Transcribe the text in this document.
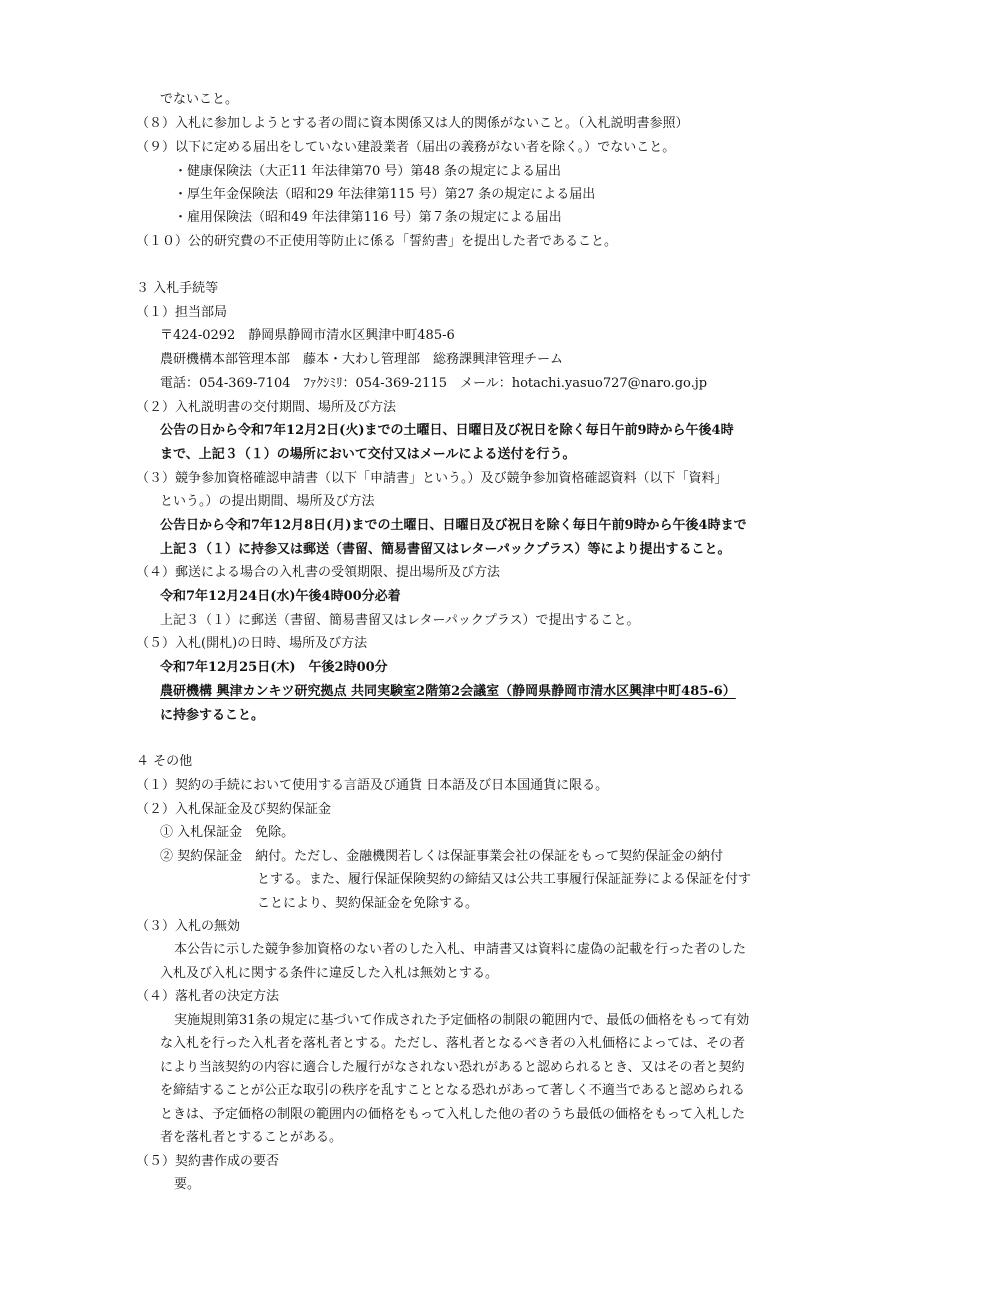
でないこと。
（８）入札に参加しようとする者の間に資本関係又は人的関係がないこと。（入札説明書参照）
（９）以下に定める届出をしていない建設業者（届出の義務がない者を除く。）でないこと。
・健康保険法（大正11 年法律第70 号）第48 条の規定による届出
・厚生年金保険法（昭和29 年法律第115 号）第27 条の規定による届出
・雇用保険法（昭和49 年法律第116 号）第７条の規定による届出
（１０）公的研究費の不正使用等防止に係る「誓約書」を提出した者であること。
３ 入札手続等
（１）担当部局
〒424-0292　静岡県静岡市清水区興津中町485-6
農研機構本部管理本部　藤本・大わし管理部　総務課興津管理チーム
電話：054-369-7104　ﾌｧｸｼﾐﾘ：054-369-2115　メール：hotachi.yasuo727@naro.go.jp
（２）入札説明書の交付期間、場所及び方法
公告の日から令和7年12月2日(火)までの土曜日、日曜日及び祝日を除く毎日午前9時から午後4時
まで、上記３（１）の場所において交付又はメールによる送付を行う。
（３）競争参加資格確認申請書（以下「申請書」という。）及び競争参加資格確認資料（以下「資料」
という。）の提出期間、場所及び方法
公告日から令和7年12月8日(月)までの土曜日、日曜日及び祝日を除く毎日午前9時から午後4時まで
上記３（１）に持参又は郵送（書留、簡易書留又はレターパックプラス）等により提出すること。
（４）郵送による場合の入札書の受領期限、提出場所及び方法
令和7年12月24日(水)午後4時00分必着
上記３（１）に郵送（書留、簡易書留又はレターパックプラス）で提出すること。
（５）入札(開札)の日時、場所及び方法
令和7年12月25日(木)　午後2時00分
農研機構 興津カンキツ研究拠点 共同実験室2階第2会議室（静岡県静岡市清水区興津中町485-6）
に持参すること。
４ その他
（１）契約の手続において使用する言語及び通貨 日本語及び日本国通貨に限る。
（２）入札保証金及び契約保証金
① 入札保証金　免除。
② 契約保証金　納付。ただし、金融機関若しくは保証事業会社の保証をもって契約保証金の納付
とする。また、履行保証保険契約の締結又は公共工事履行保証証券による保証を付す
ことにより、契約保証金を免除する。
（３）入札の無効
本公告に示した競争参加資格のない者のした入札、申請書又は資料に虚偽の記載を行った者のした
入札及び入札に関する条件に違反した入札は無効とする。
（４）落札者の決定方法
実施規則第31条の規定に基づいて作成された予定価格の制限の範囲内で、最低の価格をもって有効
な入札を行った入札者を落札者とする。ただし、落札者となるべき者の入札価格によっては、その者
により当該契約の内容に適合した履行がなされない恐れがあると認められるとき、又はその者と契約
を締結することが公正な取引の秩序を乱すこととなる恐れがあって著しく不適当であると認められる
ときは、予定価格の制限の範囲内の価格をもって入札した他の者のうち最低の価格をもって入札した
者を落札者とすることがある。
（５）契約書作成の要否
要。
